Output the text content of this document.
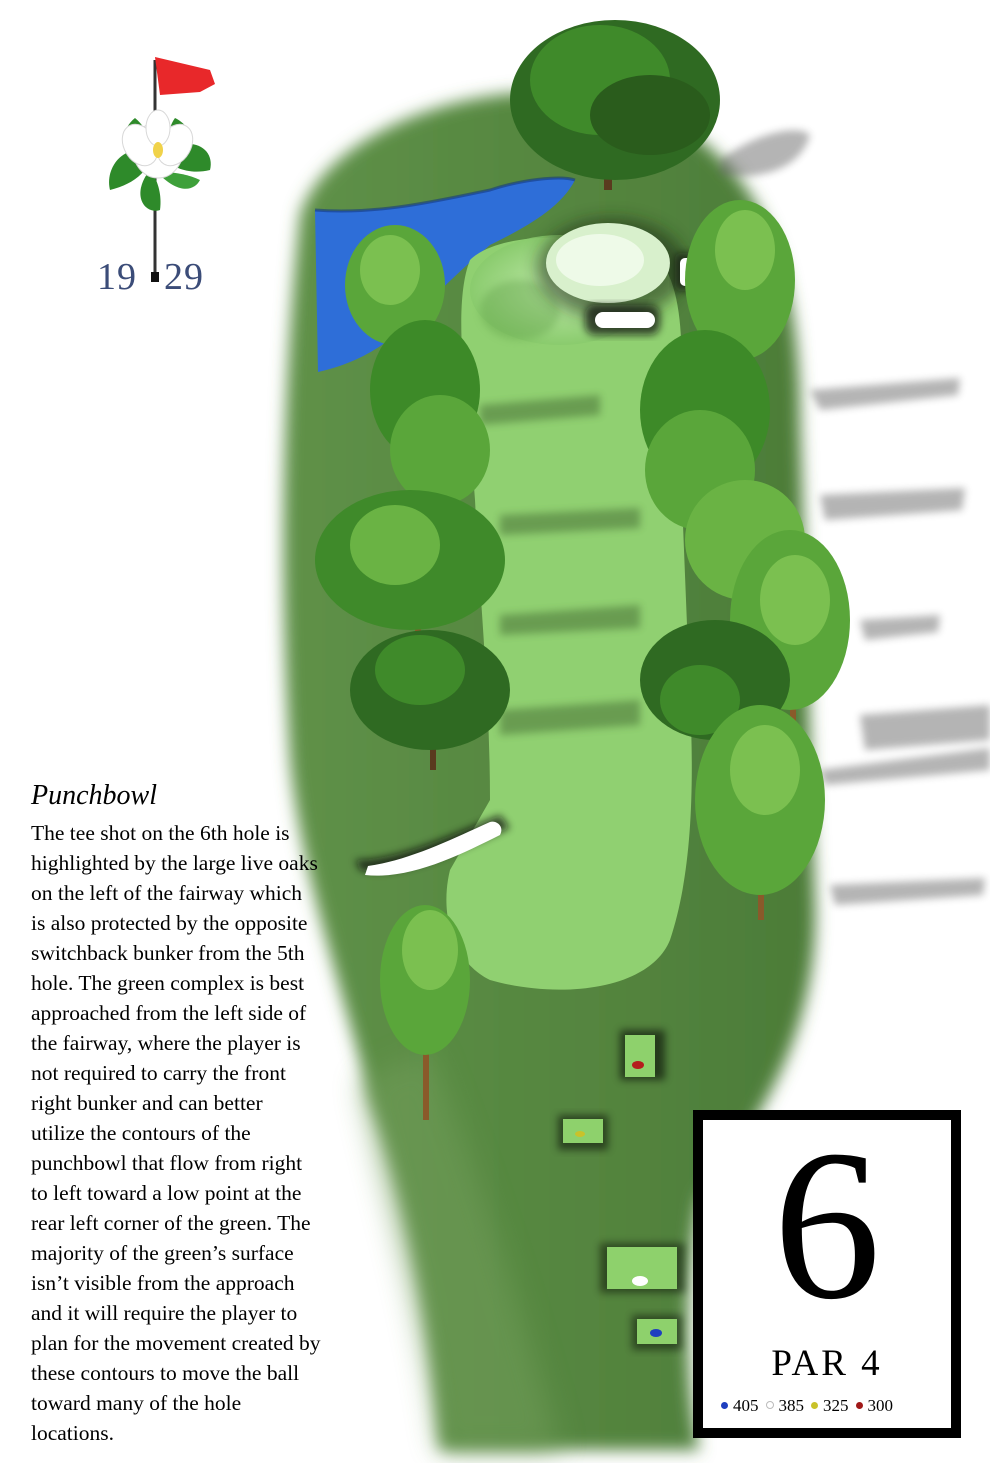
19 29
Punchbowl
The tee shot on the 6th hole is
highlighted by the large live oaks
on the left of the fairway which
is also protected by the opposite
switchback bunker from the 5th
hole. The green complex is best
approached from the left side of
the fairway, where the player is
not required to carry the front
right bunker and can better
utilize the contours of the
punchbowl that flow from right
to left toward a low point at the
rear left corner of the green. The
majority of the green’s surface
isn’t visible from the approach
and it will require the player to
plan for the movement created by
these contours to move the ball
toward many of the hole
locations.
6
PAR 4
405 385 325 300
